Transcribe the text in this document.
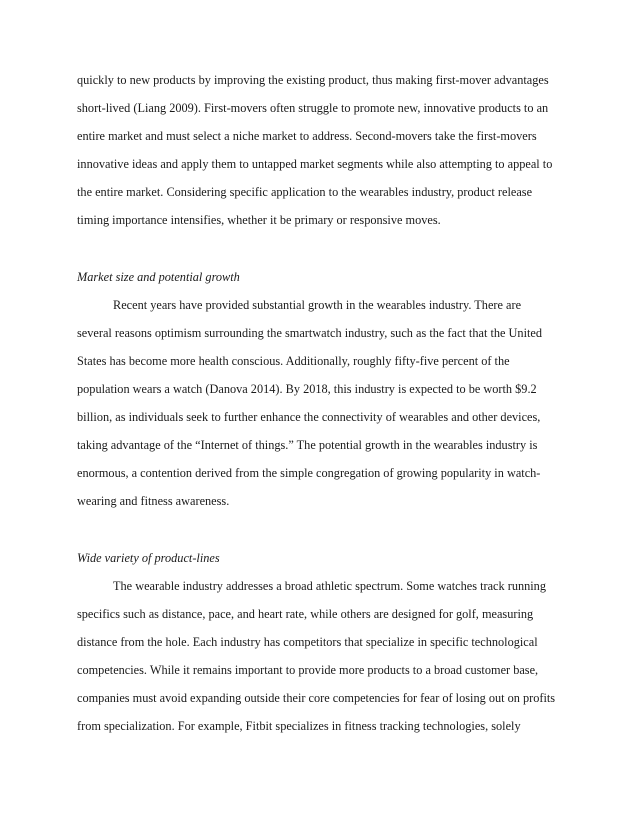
quickly to new products by improving the existing product, thus making first-mover advantages
short-lived (Liang 2009). First-movers often struggle to promote new, innovative products to an
entire market and must select a niche market to address. Second-movers take the first-movers
innovative ideas and apply them to untapped market segments while also attempting to appeal to
the entire market. Considering specific application to the wearables industry, product release
timing importance intensifies, whether it be primary or responsive moves.
Market size and potential growth
Recent years have provided substantial growth in the wearables industry. There are
several reasons optimism surrounding the smartwatch industry, such as the fact that the United
States has become more health conscious. Additionally, roughly fifty-five percent of the
population wears a watch (Danova 2014). By 2018, this industry is expected to be worth $9.2
billion, as individuals seek to further enhance the connectivity of wearables and other devices,
taking advantage of the “Internet of things.” The potential growth in the wearables industry is
enormous, a contention derived from the simple congregation of growing popularity in watch-
wearing and fitness awareness.
Wide variety of product-lines
The wearable industry addresses a broad athletic spectrum. Some watches track running
specifics such as distance, pace, and heart rate, while others are designed for golf, measuring
distance from the hole. Each industry has competitors that specialize in specific technological
competencies. While it remains important to provide more products to a broad customer base,
companies must avoid expanding outside their core competencies for fear of losing out on profits
from specialization. For example, Fitbit specializes in fitness tracking technologies, solely
